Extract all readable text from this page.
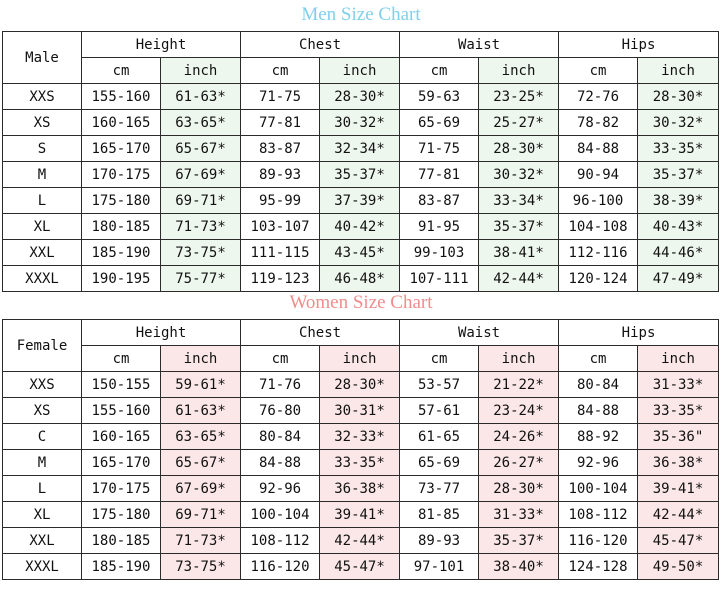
Men Size Chart
Male	Height		Chest		Waist		Hips	
	cm	inch	cm	inch	cm	inch	cm	inch
XXS	155-160	61-63*	71-75	28-30*	59-63	23-25*	72-76	28-30*
XS	160-165	63-65*	77-81	30-32*	65-69	25-27*	78-82	30-32*
S	165-170	65-67*	83-87	32-34*	71-75	28-30*	84-88	33-35*
M	170-175	67-69*	89-93	35-37*	77-81	30-32*	90-94	35-37*
L	175-180	69-71*	95-99	37-39*	83-87	33-34*	96-100	38-39*
XL	180-185	71-73*	103-107	40-42*	91-95	35-37*	104-108	40-43*
XXL	185-190	73-75*	111-115	43-45*	99-103	38-41*	112-116	44-46*
XXXL	190-195	75-77*	119-123	46-48*	107-111	42-44*	120-124	47-49*
Women Size Chart
Female	Height		Chest		Waist		Hips	
	cm	inch	cm	inch	cm	inch	cm	inch
XXS	150-155	59-61*	71-76	28-30*	53-57	21-22*	80-84	31-33*
XS	155-160	61-63*	76-80	30-31*	57-61	23-24*	84-88	33-35*
C	160-165	63-65*	80-84	32-33*	61-65	24-26*	88-92	35-36"
M	165-170	65-67*	84-88	33-35*	65-69	26-27*	92-96	36-38*
L	170-175	67-69*	92-96	36-38*	73-77	28-30*	100-104	39-41*
XL	175-180	69-71*	100-104	39-41*	81-85	31-33*	108-112	42-44*
XXL	180-185	71-73*	108-112	42-44*	89-93	35-37*	116-120	45-47*
XXXL	185-190	73-75*	116-120	45-47*	97-101	38-40*	124-128	49-50*
